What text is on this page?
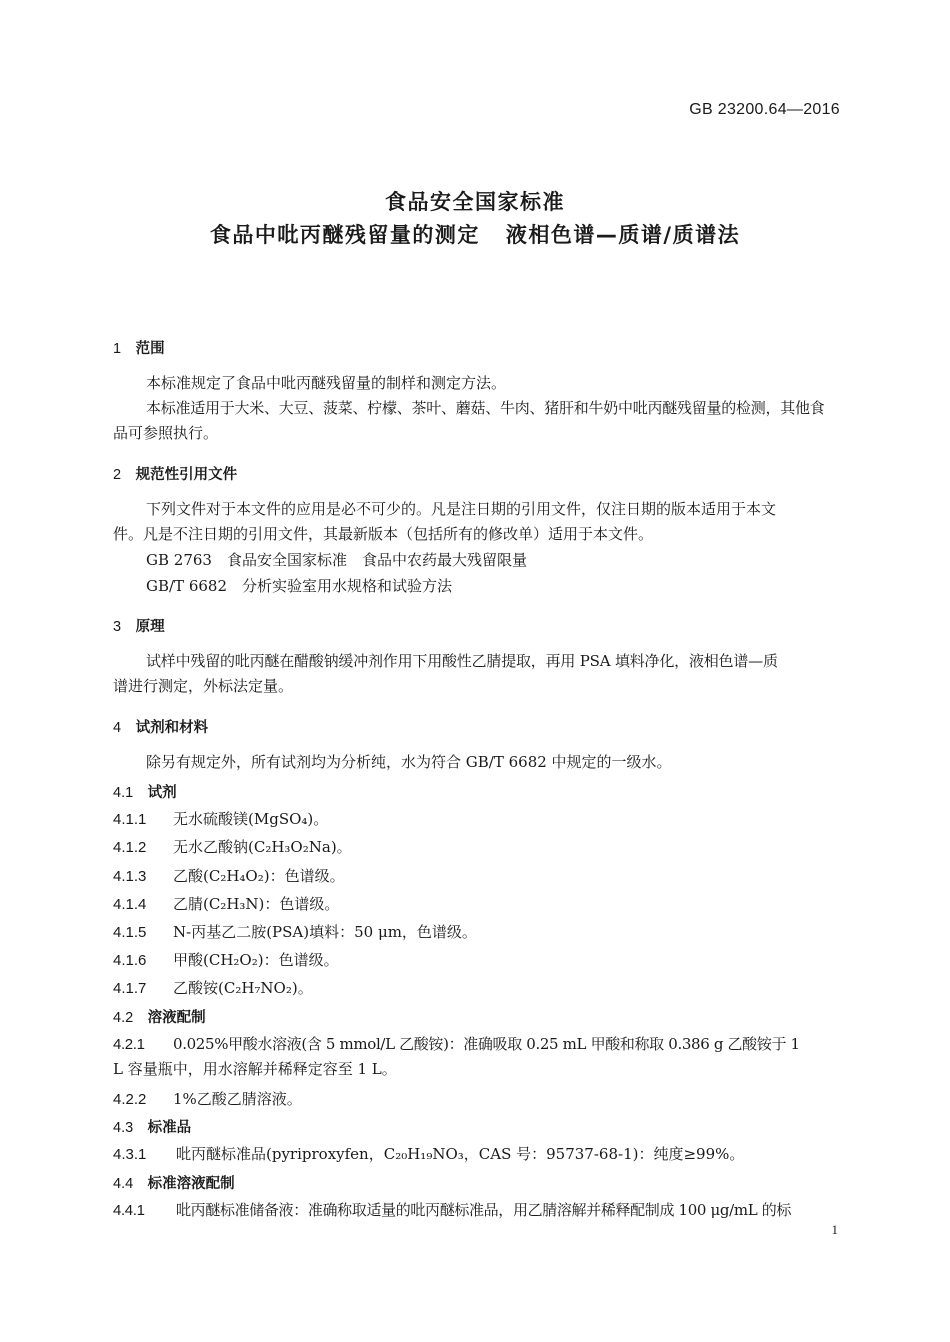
GB 23200.64—2016
食品安全国家标准
食品中吡丙醚残留量的测定 液相色谱—质谱/质谱法
1　 范围
本标准规定了食品中吡丙醚残留量的制样和测定方法。
本标准适用于大米、大豆、菠菜、柠檬、茶叶、蘑菇、牛肉、猪肝和牛奶中吡丙醚残留量的检测，其他食
品可参照执行。
2　 规范性引用文件
下列文件对于本文件的应用是必不可少的。凡是注日期的引用文件，仅注日期的版本适用于本文
件。凡是不注日期的引用文件，其最新版本（包括所有的修改单）适用于本文件。
GB 2763　 食品安全国家标准　食品中农药最大残留限量
GB/T 6682　 分析实验室用水规格和试验方法
3　 原理
试样中残留的吡丙醚在醋酸钠缓冲剂作用下用酸性乙腈提取，再用 PSA 填料净化，液相色谱—质
谱进行测定，外标法定量。
4　 试剂和材料
除另有规定外，所有试剂均为分析纯，水为符合 GB/T 6682 中规定的一级水。
4.1　 试剂
4.1.1 无水硫酸镁(MgSO₄)。
4.1.2 无水乙酸钠(C₂H₃O₂Na)。
4.1.3 乙酸(C₂H₄O₂)：色谱级。
4.1.4 乙腈(C₂H₃N)：色谱级。
4.1.5 N-丙基乙二胺(PSA)填料：50 μm，色谱级。
4.1.6 甲酸(CH₂O₂)：色谱级。
4.1.7 乙酸铵(C₂H₇NO₂)。
4.2　 溶液配制
4.2.1 0.025%甲酸水溶液(含 5 mmol/L 乙酸铵)：准确吸取 0.25 mL 甲酸和称取 0.386 g 乙酸铵于 1
L 容量瓶中，用水溶解并稀释定容至 1 L。
4.2.2 1%乙酸乙腈溶液。
4.3　 标准品
4.3.1 吡丙醚标准品(pyriproxyfen，C₂₀H₁₉NO₃，CAS 号：95737-68-1)：纯度≥99%。
4.4　 标准溶液配制
4.4.1 吡丙醚标准储备液：准确称取适量的吡丙醚标准品，用乙腈溶解并稀释配制成 100 μg/mL 的标
1
